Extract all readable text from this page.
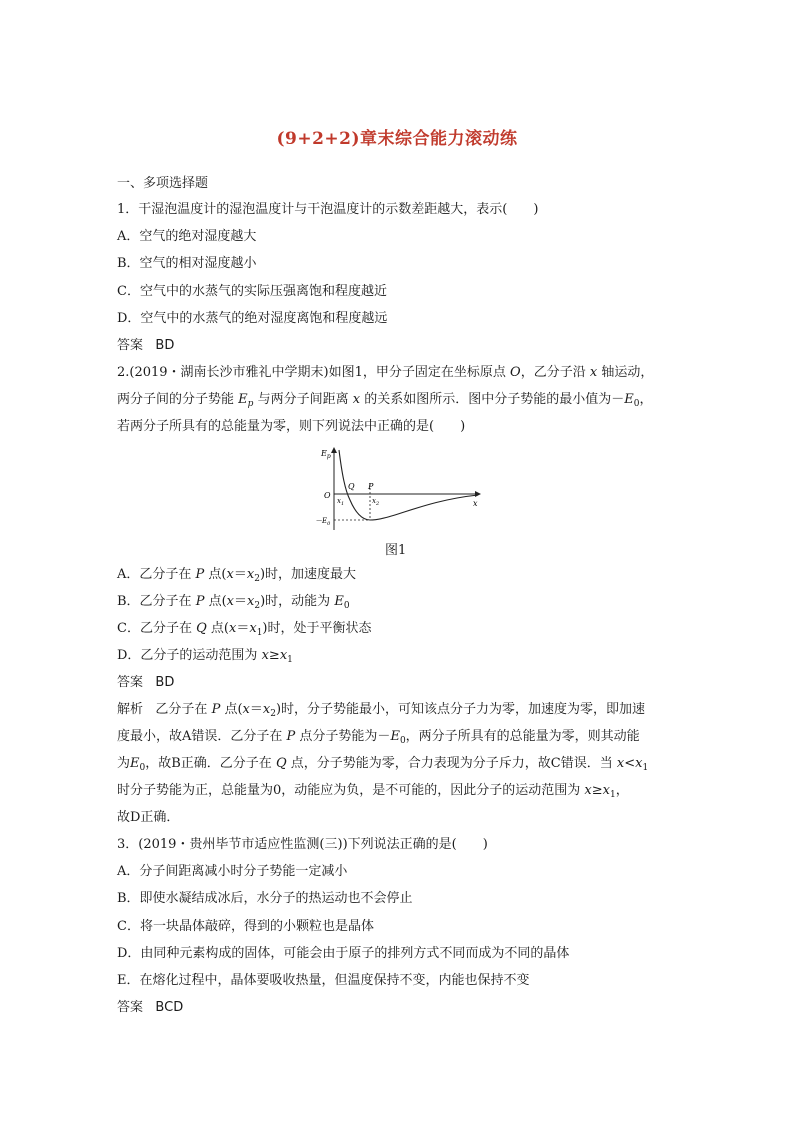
(9+2+2)章末综合能力滚动练
一、多项选择题
1．干湿泡温度计的湿泡温度计与干泡温度计的示数差距越大，表示(　　)
A．空气的绝对湿度越大
B．空气的相对湿度越小
C．空气中的水蒸气的实际压强离饱和程度越近
D．空气中的水蒸气的绝对湿度离饱和程度越远
答案 BD
2.(2019・湖南长沙市雅礼中学期末)如图1，甲分子固定在坐标原点 O，乙分子沿 x 轴运动，
两分子间的分子势能 $E_p$ 与两分子间距离 x 的关系如图所示．图中分子势能的最小值为$-E_0$，
若两分子所具有的总能量为零，则下列说法中正确的是(　　)
$E_p$
O
Q P
$x_1$	$x_2$	x
$-E_0$
图1
A．乙分子在 P 点$(x=x_2)$时，加速度最大
B．乙分子在 P 点$(x=x_2)$时，动能为 $E_0$
C．乙分子在 Q 点$(x=x_1)$时，处于平衡状态
D．乙分子的运动范围为 $x\ge x_1$
答案 BD
解析 乙分子在 P 点$(x=x_2)$时，分子势能最小，可知该点分子力为零，加速度为零，即加速
度最小，故A错误．乙分子在 P 点分子势能为$-E_0$，两分子所具有的总能量为零，则其动能
为$E_0$，故B正确．乙分子在 Q 点，分子势能为零，合力表现为分子斥力，故C错误．当 $x<x_1$
时分子势能为正，总能量为0，动能应为负，是不可能的，因此分子的运动范围为 $x\ge x_1$，
故D正确．
3．(2019・贵州毕节市适应性监测(三))下列说法正确的是(　　)
A．分子间距离减小时分子势能一定减小
B．即使水凝结成冰后，水分子的热运动也不会停止
C．将一块晶体敲碎，得到的小颗粒也是晶体
D．由同种元素构成的固体，可能会由于原子的排列方式不同而成为不同的晶体
E．在熔化过程中，晶体要吸收热量，但温度保持不变，内能也保持不变
答案 BCD
